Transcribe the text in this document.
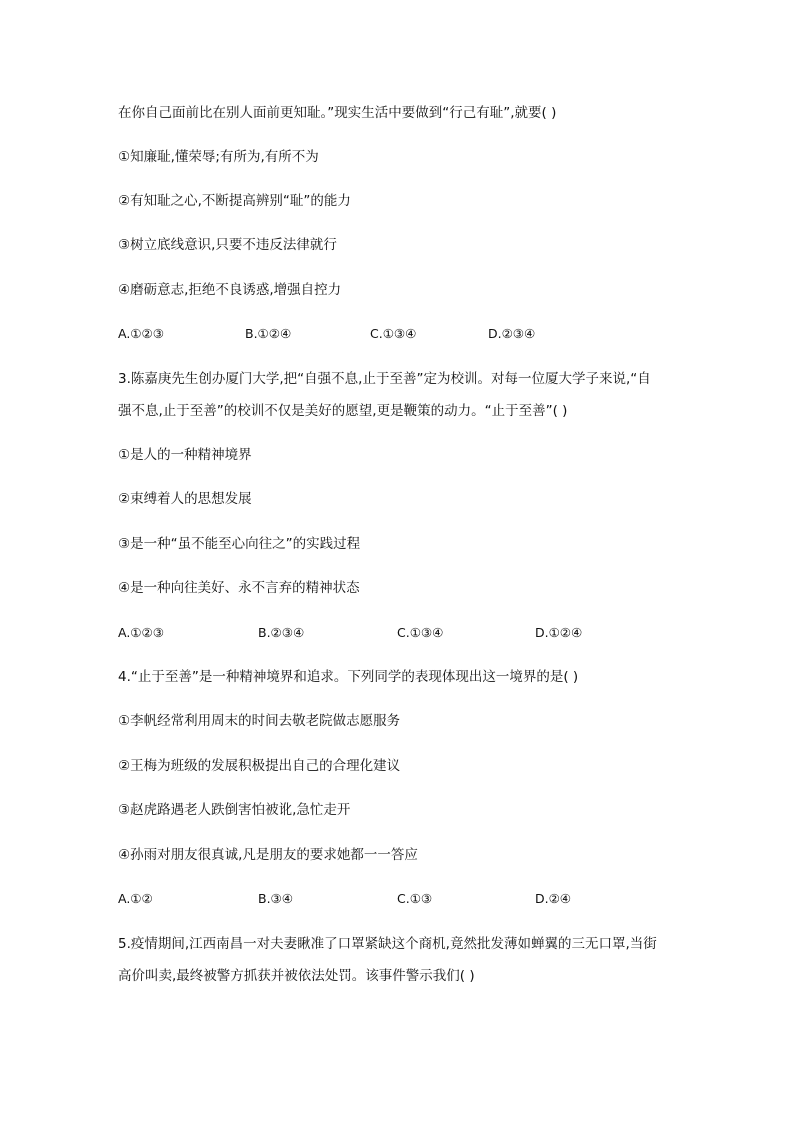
在你自己面前比在别人面前更知耻。”现实生活中要做到“行己有耻”,就要( )
①知廉耻,懂荣辱;有所为,有所不为
②有知耻之心,不断提高辨别“耻”的能力
③树立底线意识,只要不违反法律就行
④磨砺意志,拒绝不良诱惑,增强自控力
A.①②③	B.①②④	C.①③④	D.②③④
3.陈嘉庚先生创办厦门大学,把“自强不息,止于至善”定为校训。对每一位厦大学子来说,“自
强不息,止于至善”的校训不仅是美好的愿望,更是鞭策的动力。“止于至善”( )
①是人的一种精神境界
②束缚着人的思想发展
③是一种“虽不能至心向往之”的实践过程
④是一种向往美好、永不言弃的精神状态
A.①②③	B.②③④	C.①③④	D.①②④
4.“止于至善”是一种精神境界和追求。下列同学的表现体现出这一境界的是( )
①李帆经常利用周末的时间去敬老院做志愿服务
②王梅为班级的发展积极提出自己的合理化建议
③赵虎路遇老人跌倒害怕被讹,急忙走开
④孙雨对朋友很真诚,凡是朋友的要求她都一一答应
A.①②	B.③④	C.①③	D.②④
5.疫情期间,江西南昌一对夫妻瞅准了口罩紧缺这个商机,竟然批发薄如蝉翼的三无口罩,当街
高价叫卖,最终被警方抓获并被依法处罚。该事件警示我们( )
